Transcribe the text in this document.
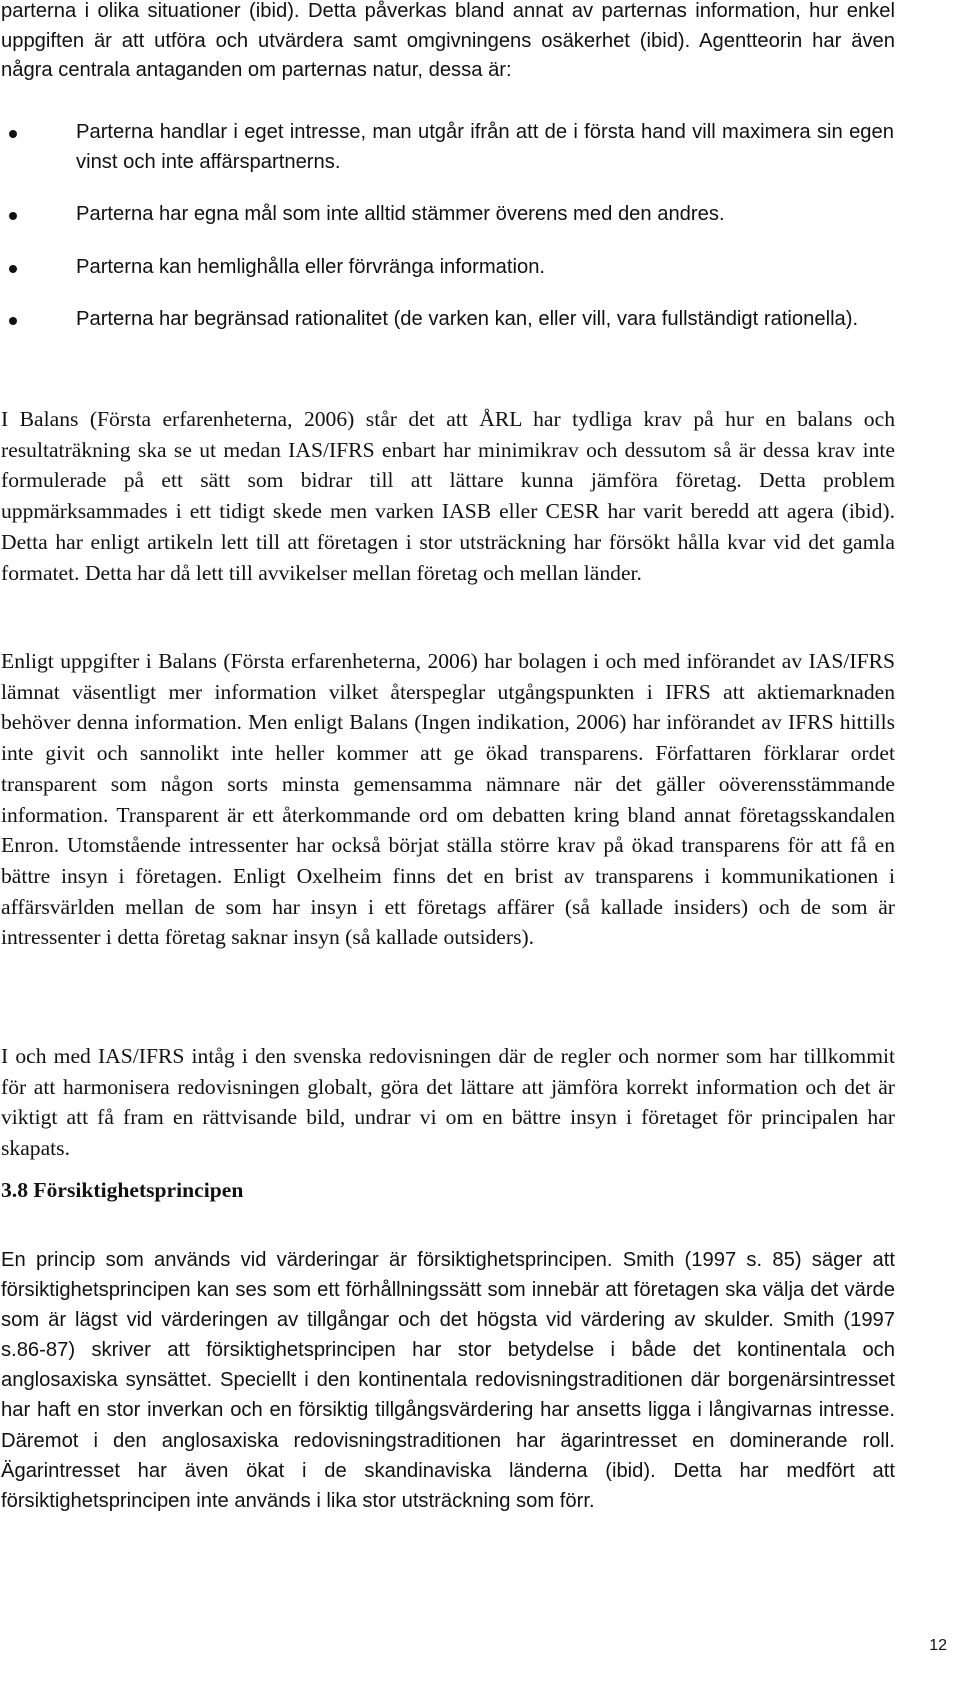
parterna i olika situationer (ibid). Detta påverkas bland annat av parternas information, hur enkel uppgiften är att utföra och utvärdera samt omgivningens osäkerhet (ibid). Agentteorin har även några centrala antaganden om parternas natur, dessa är:

Parterna handlar i eget intresse, man utgår ifrån att de i första hand vill maximera sin egen vinst och inte affärspartnerns.
Parterna har egna mål som inte alltid stämmer överens med den andres.
Parterna kan hemlighålla eller förvränga information.
Parterna har begränsad rationalitet (de varken kan, eller vill, vara fullständigt rationella).

I Balans (Första erfarenheterna, 2006) står det att ÅRL har tydliga krav på hur en balans och resultaträkning ska se ut medan IAS/IFRS enbart har minimikrav och dessutom så är dessa krav inte formulerade på ett sätt som bidrar till att lättare kunna jämföra företag. Detta problem uppmärksammades i ett tidigt skede men varken IASB eller CESR har varit beredd att agera (ibid). Detta har enligt artikeln lett till att företagen i stor utsträckning har försökt hålla kvar vid det gamla formatet. Detta har då lett till avvikelser mellan företag och mellan länder.

Enligt uppgifter i Balans (Första erfarenheterna, 2006) har bolagen i och med införandet av IAS/IFRS lämnat väsentligt mer information vilket återspeglar utgångspunkten i IFRS att aktiemarknaden behöver denna information. Men enligt Balans (Ingen indikation, 2006) har införandet av IFRS hittills inte givit och sannolikt inte heller kommer att ge ökad transparens. Författaren förklarar ordet transparent som någon sorts minsta gemensamma nämnare när det gäller oöverensstämmande information. Transparent är ett återkommande ord om debatten kring bland annat företagsskandalen Enron. Utomstående intressenter har också börjat ställa större krav på ökad transparens för att få en bättre insyn i företagen. Enligt Oxelheim finns det en brist av transparens i kommunikationen i affärsvärlden mellan de som har insyn i ett företags affärer (så kallade insiders) och de som är intressenter i detta företag saknar insyn (så kallade outsiders).

I och med IAS/IFRS intåg i den svenska redovisningen där de regler och normer som har tillkommit för att harmonisera redovisningen globalt, göra det lättare att jämföra korrekt information och det är viktigt att få fram en rättvisande bild, undrar vi om en bättre insyn i företaget för principalen har skapats.

3.8 Försiktighetsprincipen

En princip som används vid värderingar är försiktighetsprincipen. Smith (1997 s. 85) säger att försiktighetsprincipen kan ses som ett förhållningssätt som innebär att företagen ska välja det värde som är lägst vid värderingen av tillgångar och det högsta vid värdering av skulder. Smith (1997 s.86-87) skriver att försiktighetsprincipen har stor betydelse i både det kontinentala och anglosaxiska synsättet. Speciellt i den kontinentala redovisningstraditionen där borgenärsintresset har haft en stor inverkan och en försiktig tillgångsvärdering har ansetts ligga i långivarnas intresse. Däremot i den anglosaxiska redovisningstraditionen har ägarintresset en dominerande roll. Ägarintresset har även ökat i de skandinaviska länderna (ibid). Detta har medfört att försiktighetsprincipen inte används i lika stor utsträckning som förr.

12
